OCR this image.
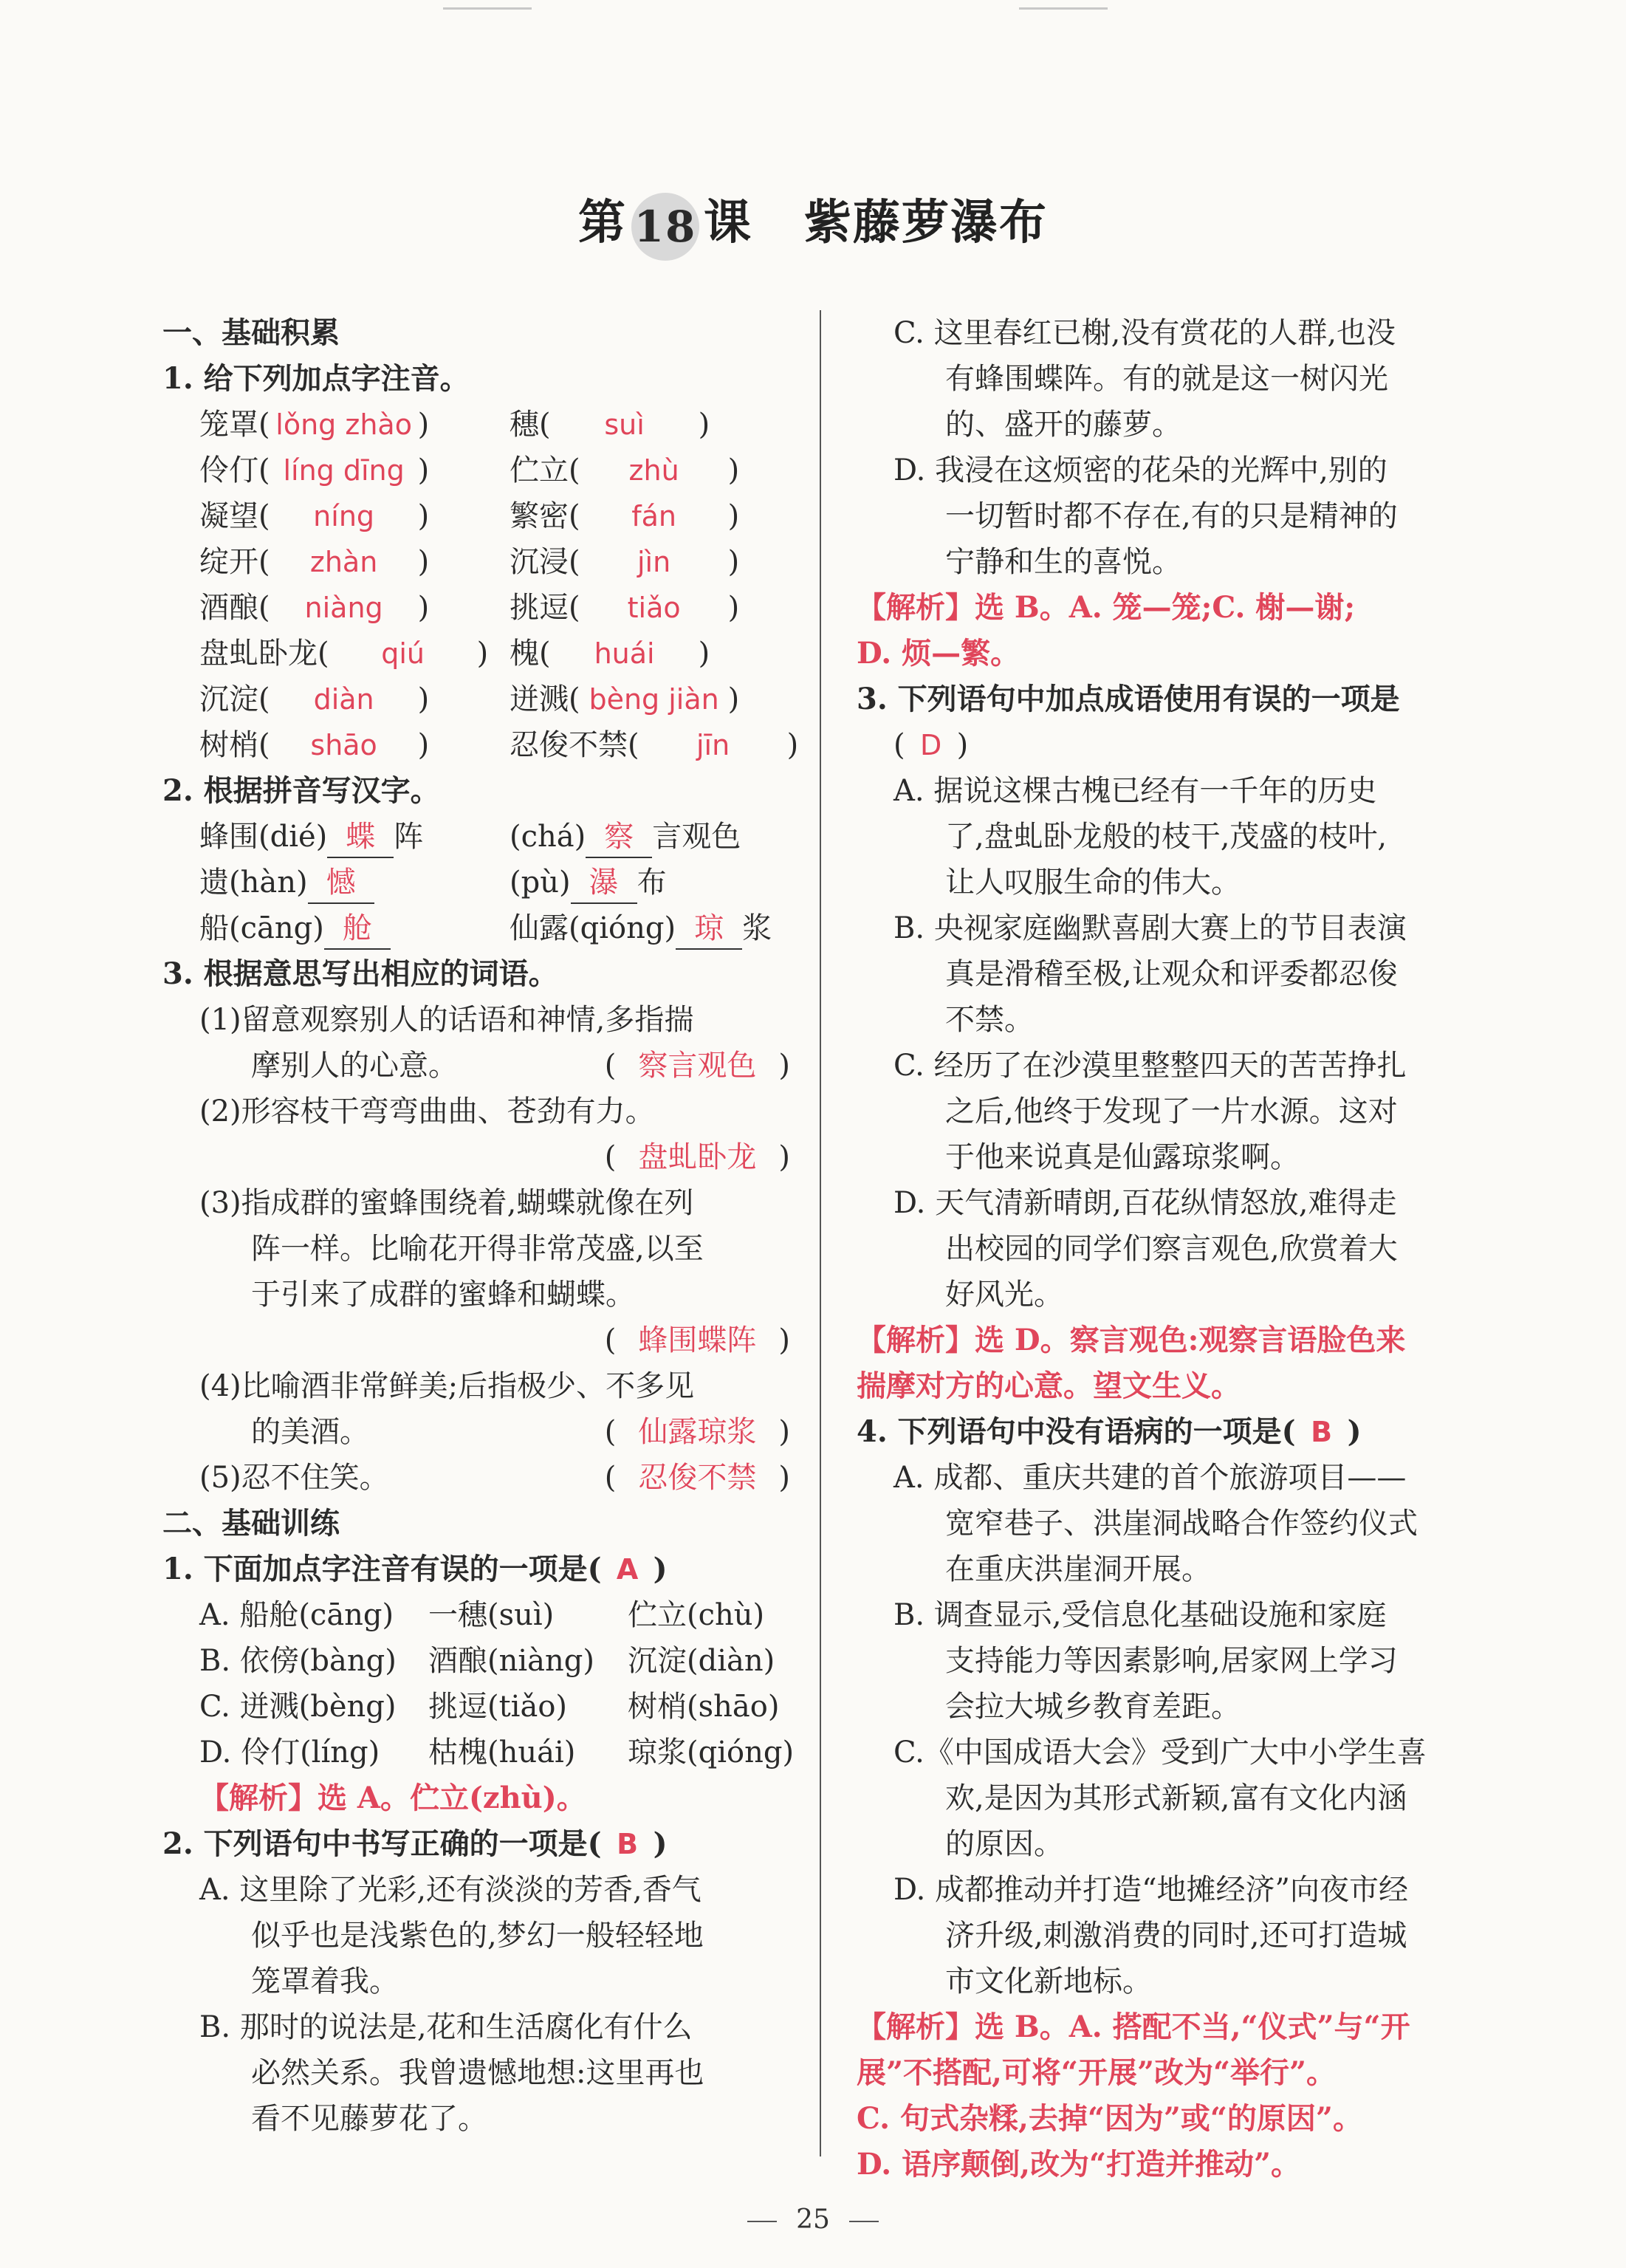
第 18 课 紫藤萝瀑布
一、基础积累
1. 给下列加点字注音。
笼罩( lǒng zhào )	穗( suì )
伶仃( líng dīng )	伫立( zhù )
凝望( níng )	繁密( fán )
绽开( zhàn )	沉浸( jìn )
酒酿( niàng )	挑逗( tiǎo )
盘虬卧龙( qiú ) 槐( huái )
沉淀( diàn )	迸溅( bèng jiàn )
树梢( shāo )	忍俊不禁( jīn )
2. 根据拼音写汉字。
蜂围(dié) 蝶 阵	(chá) 察 言观色
遗(hàn) 憾	(pù) 瀑 布
船(cāng) 舱	仙露(qióng) 琼 浆
3. 根据意思写出相应的词语。
(1)留意观察别人的话语和神情,多指揣
摩别人的心意。	( 察言观色 )
(2)形容枝干弯弯曲曲、苍劲有力。
( 盘虬卧龙 )
(3)指成群的蜜蜂围绕着,蝴蝶就像在列
阵一样。比喻花开得非常茂盛,以至
于引来了成群的蜜蜂和蝴蝶。
( 蜂围蝶阵 )
(4)比喻酒非常鲜美;后指极少、不多见
的美酒。	( 仙露琼浆 )
(5)忍不住笑。	( 忍俊不禁 )
二、基础训练
1. 下面加点字注音有误的一项是( A )
A. 船舱(cāng) 一穗(suì) 伫立(chù)
B. 依傍(bàng) 酒酿(niàng) 沉淀(diàn)
C. 迸溅(bèng) 挑逗(tiǎo) 树梢(shāo)
D. 伶仃(líng) 枯槐(huái) 琼浆(qióng)
【解析】选 A。伫立(zhù)。
2. 下列语句中书写正确的一项是( B )
A. 这里除了光彩,还有淡淡的芳香,香气
似乎也是浅紫色的,梦幻一般轻轻地
笼罩着我。
B. 那时的说法是,花和生活腐化有什么
必然关系。我曾遗憾地想:这里再也
看不见藤萝花了。
C. 这里春红已榭,没有赏花的人群,也没
有蜂围蝶阵。有的就是这一树闪光
的、盛开的藤萝。
D. 我浸在这烦密的花朵的光辉中,别的
一切暂时都不存在,有的只是精神的
宁静和生的喜悦。
【解析】选 B。A. 笼—笼;C. 榭—谢;
D. 烦—繁。
3. 下列语句中加点成语使用有误的一项是
( D )
A. 据说这棵古槐已经有一千年的历史
了,盘虬卧龙般的枝干,茂盛的枝叶,
让人叹服生命的伟大。
B. 央视家庭幽默喜剧大赛上的节目表演
真是滑稽至极,让观众和评委都忍俊
不禁。
C. 经历了在沙漠里整整四天的苦苦挣扎
之后,他终于发现了一片水源。这对
于他来说真是仙露琼浆啊。
D. 天气清新晴朗,百花纵情怒放,难得走
出校园的同学们察言观色,欣赏着大
好风光。
【解析】选 D。察言观色:观察言语脸色来
揣摩对方的心意。望文生义。
4. 下列语句中没有语病的一项是( B )
A. 成都、重庆共建的首个旅游项目——
宽窄巷子、洪崖洞战略合作签约仪式
在重庆洪崖洞开展。
B. 调查显示,受信息化基础设施和家庭
支持能力等因素影响,居家网上学习
会拉大城乡教育差距。
C.《中国成语大会》受到广大中小学生喜
欢,是因为其形式新颖,富有文化内涵
的原因。
D. 成都推动并打造“地摊经济”向夜市经
济升级,刺激消费的同时,还可打造城
市文化新地标。
【解析】选 B。A. 搭配不当,“仪式”与“开
展”不搭配,可将“开展”改为“举行”。
C. 句式杂糅,去掉“因为”或“的原因”。
D. 语序颠倒,改为“打造并推动”。
25
